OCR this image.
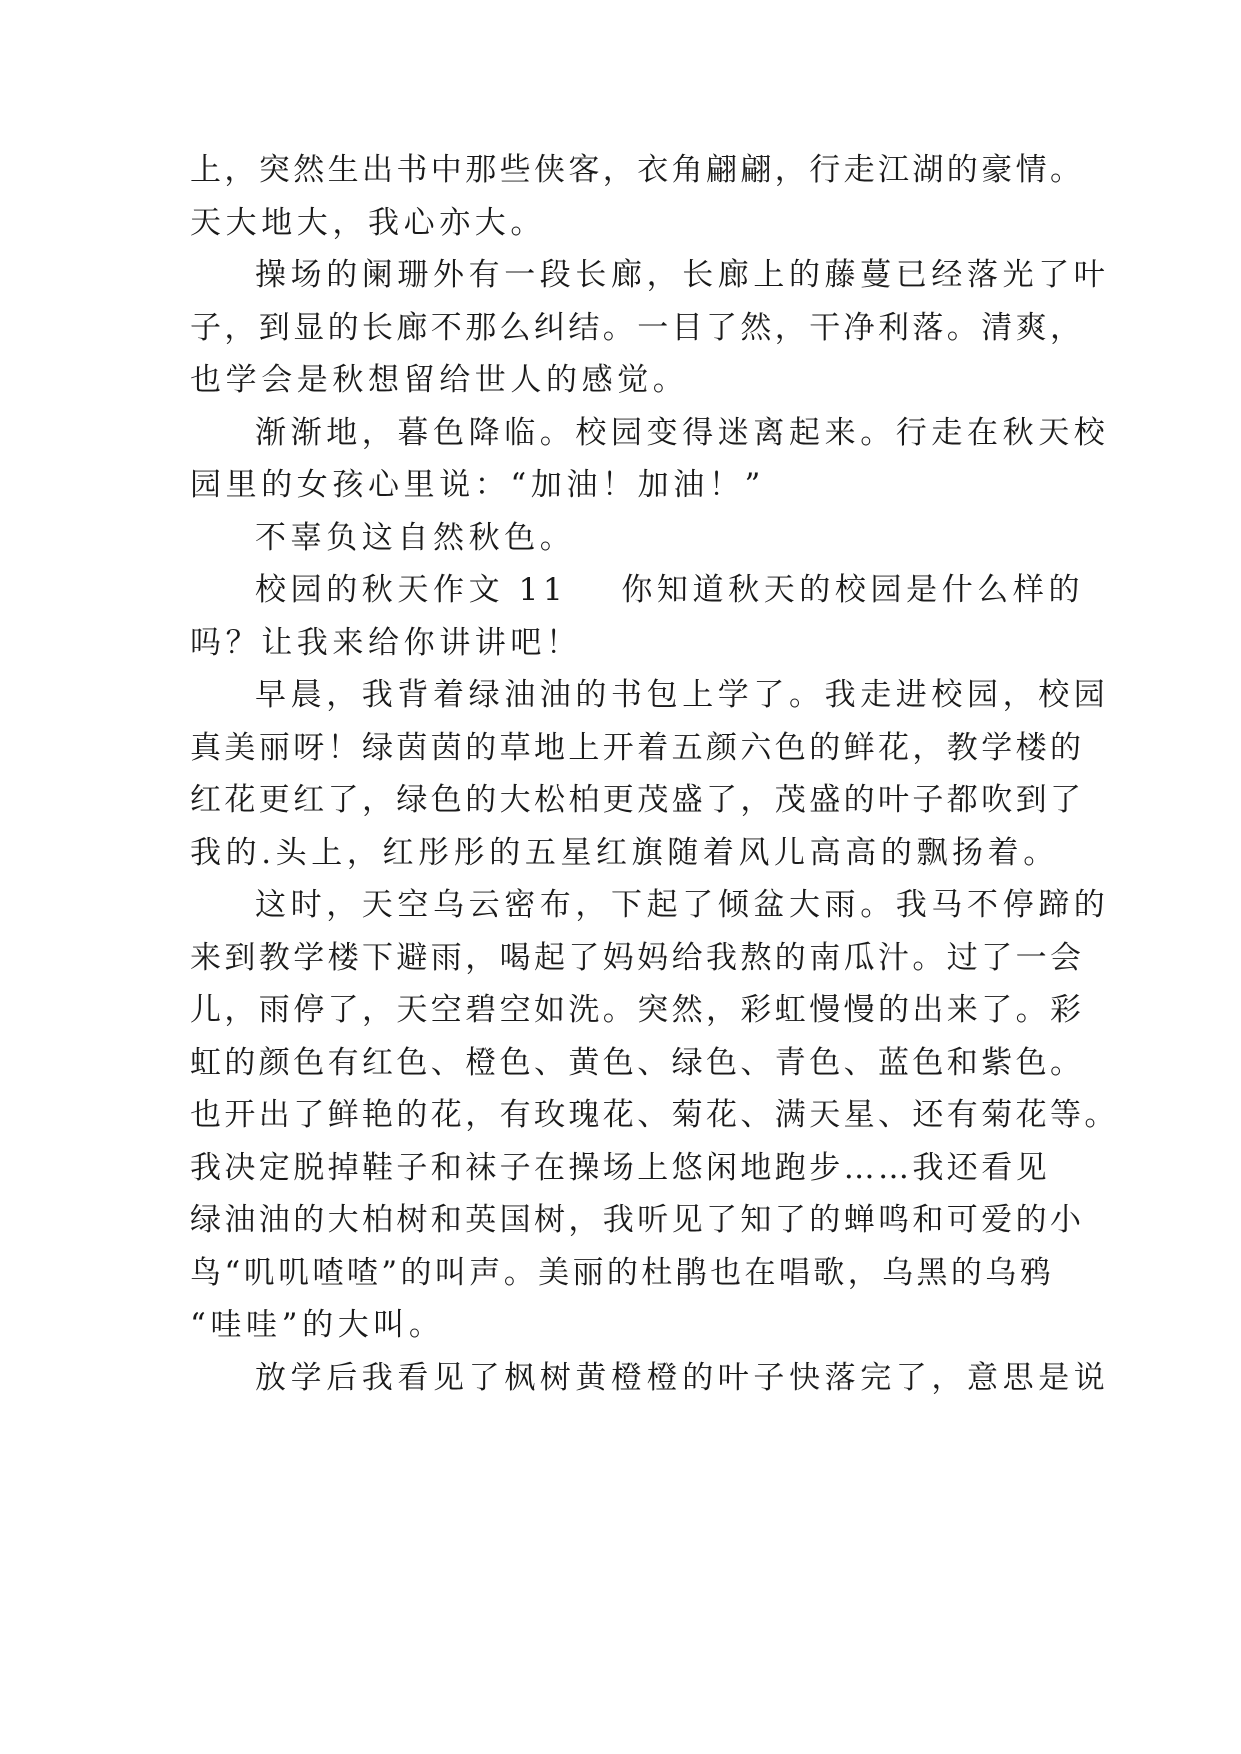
上，突然生出书中那些侠客，衣角翩翩，行走江湖的豪情。
天大地大，我心亦大。
操场的阑珊外有一段长廊，长廊上的藤蔓已经落光了叶
子，到显的长廊不那么纠结。一目了然，干净利落。清爽，
也学会是秋想留给世人的感觉。
渐渐地，暮色降临。校园变得迷离起来。行走在秋天校
园里的女孩心里说：“加油！加油！”
不辜负这自然秋色。
校园的秋天作文 11 你知道秋天的校园是什么样的
吗？让我来给你讲讲吧！
早晨，我背着绿油油的书包上学了。我走进校园，校园
真美丽呀！绿茵茵的草地上开着五颜六色的鲜花，教学楼的
红花更红了，绿色的大松柏更茂盛了，茂盛的叶子都吹到了
我的.头上，红彤彤的五星红旗随着风儿高高的飘扬着。
这时，天空乌云密布，下起了倾盆大雨。我马不停蹄的
来到教学楼下避雨，喝起了妈妈给我熬的南瓜汁。过了一会
儿，雨停了，天空碧空如洗。突然，彩虹慢慢的出来了。彩
虹的颜色有红色、橙色、黄色、绿色、青色、蓝色和紫色。
也开出了鲜艳的花，有玫瑰花、菊花、满天星、还有菊花等。
我决定脱掉鞋子和袜子在操场上悠闲地跑步……我还看见
绿油油的大柏树和英国树，我听见了知了的蝉鸣和可爱的小
鸟“叽叽喳喳”的叫声。美丽的杜鹃也在唱歌，乌黑的乌鸦
“哇哇”的大叫。
放学后我看见了枫树黄橙橙的叶子快落完了，意思是说
